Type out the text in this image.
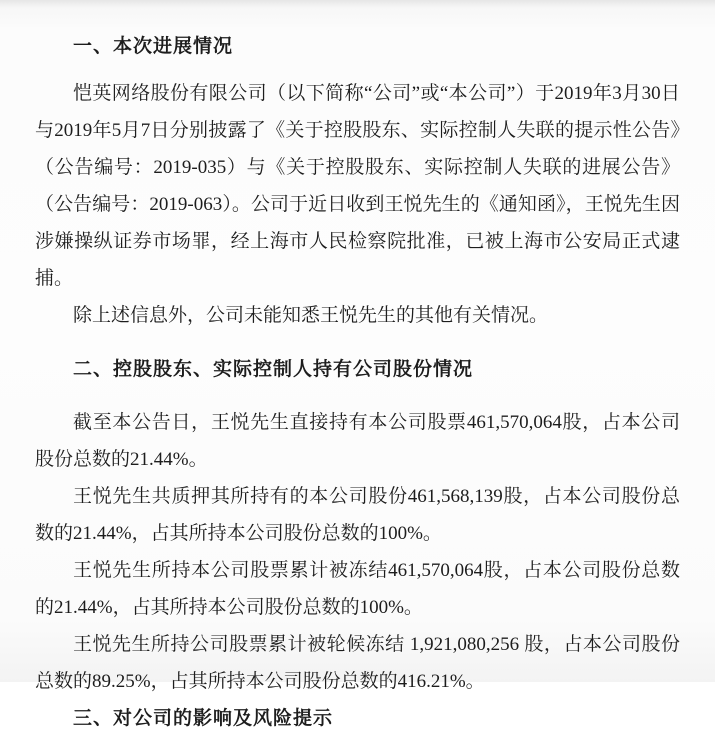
一、本次进展情况

恺英网络股份有限公司（以下简称“公司”或“本公司”）于2019年3月30日与2019年5月7日分别披露了《关于控股股东、实际控制人失联的提示性公告》（公告编号：2019-035）与《关于控股股东、实际控制人失联的进展公告》（公告编号：2019-063）。公司于近日收到王悦先生的《通知函》，王悦先生因涉嫌操纵证券市场罪，经上海市人民检察院批准，已被上海市公安局正式逮捕。

除上述信息外，公司未能知悉王悦先生的其他有关情况。

二、控股股东、实际控制人持有公司股份情况

截至本公告日，王悦先生直接持有本公司股票461,570,064股，占本公司股份总数的21.44%。

王悦先生共质押其所持有的本公司股份461,568,139股，占本公司股份总数的21.44%，占其所持本公司股份总数的100%。

王悦先生所持本公司股票累计被冻结461,570,064股，占本公司股份总数的21.44%，占其所持本公司股份总数的100%。

王悦先生所持公司股票累计被轮候冻结 1,921,080,256 股，占本公司股份总数的89.25%，占其所持本公司股份总数的416.21%。

三、对公司的影响及风险提示
